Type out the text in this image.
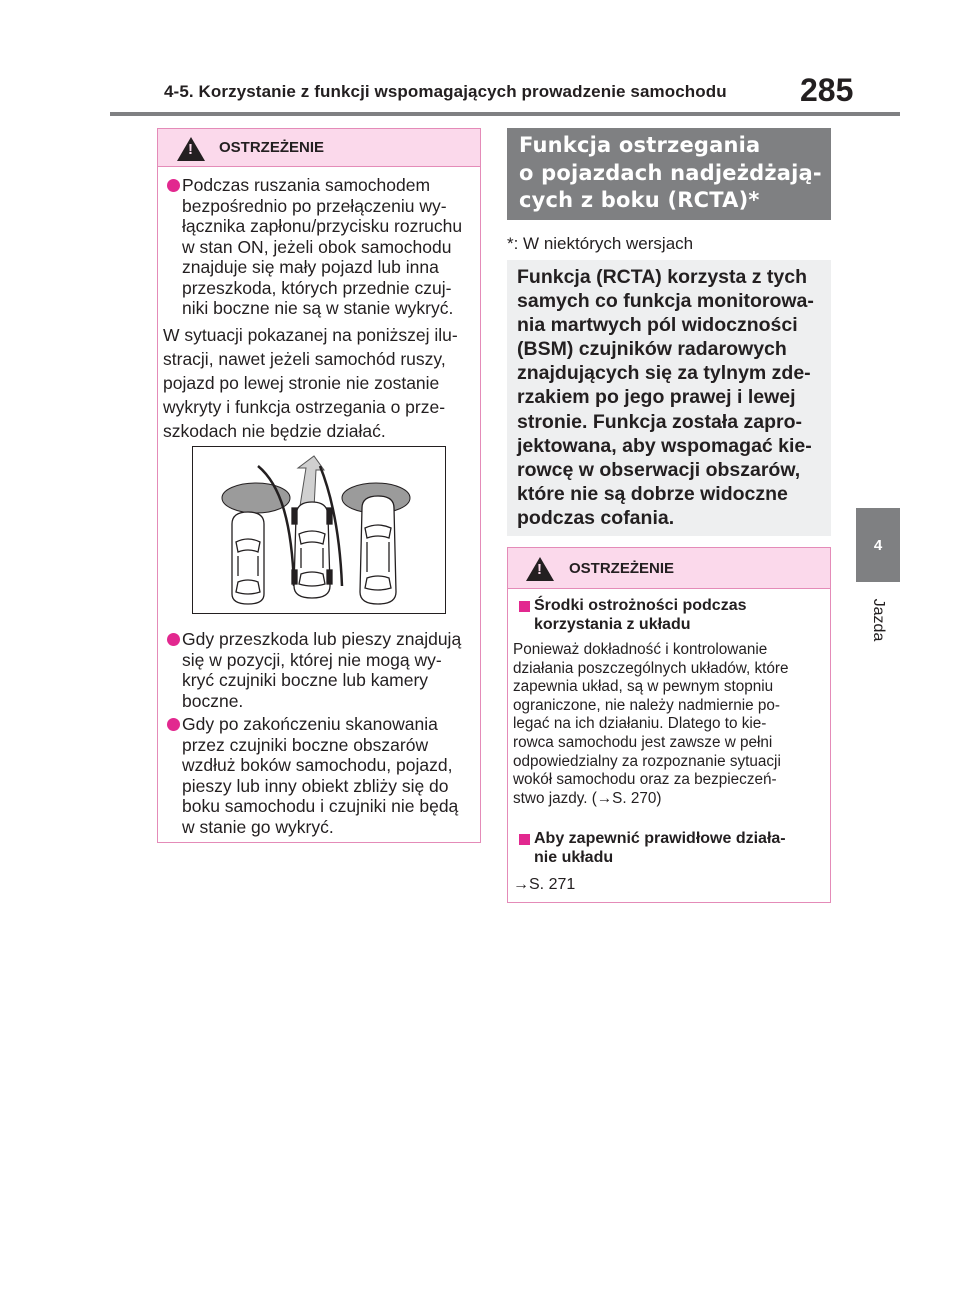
4-5. Korzystanie z funkcji wspomagających prowadzenie samochodu 285
4
Jazda
!
OSTRZEŻENIE
Podczas ruszania samochodem
bezpośrednio po przełączeniu wy-
łącznika zapłonu/przycisku rozruchu
w stan ON, jeżeli obok samochodu
znajduje się mały pojazd lub inna
przeszkoda, których przednie czuj-
niki boczne nie są w stanie wykryć.
W sytuacji pokazanej na poniższej ilu-
stracji, nawet jeżeli samochód ruszy,
pojazd po lewej stronie nie zostanie
wykryty i funkcja ostrzegania o prze-
szkodach nie będzie działać.
Gdy przeszkoda lub pieszy znajdują
się w pozycji, której nie mogą wy-
kryć czujniki boczne lub kamery
boczne.
Gdy po zakończeniu skanowania
przez czujniki boczne obszarów
wzdłuż boków samochodu, pojazd,
pieszy lub inny obiekt zbliży się do
boku samochodu i czujniki nie będą
w stanie go wykryć.
Funkcja ostrzegania
o pojazdach nadjeżdżają-
cych z boku (RCTA)*
*: W niektórych wersjach
Funkcja (RCTA) korzysta z tych
samych co funkcja monitorowa-
nia martwych pól widoczności
(BSM) czujników radarowych
znajdujących się za tylnym zde-
rzakiem po jego prawej i lewej
stronie. Funkcja została zapro-
jektowana, aby wspomagać kie-
rowcę w obserwacji obszarów,
które nie są dobrze widoczne
podczas cofania.
!
OSTRZEŻENIE
Środki ostrożności podczas
korzystania z układu
Ponieważ dokładność i kontrolowanie
działania poszczególnych układów, które
zapewnia układ, są w pewnym stopniu
ograniczone, nie należy nadmiernie po-
legać na ich działaniu. Dlatego to kie-
rowca samochodu jest zawsze w pełni
odpowiedzialny za rozpoznanie sytuacji
wokół samochodu oraz za bezpieczeń-
stwo jazdy. (→S. 270)
Aby zapewnić prawidłowe działa-
nie układu
→S. 271
